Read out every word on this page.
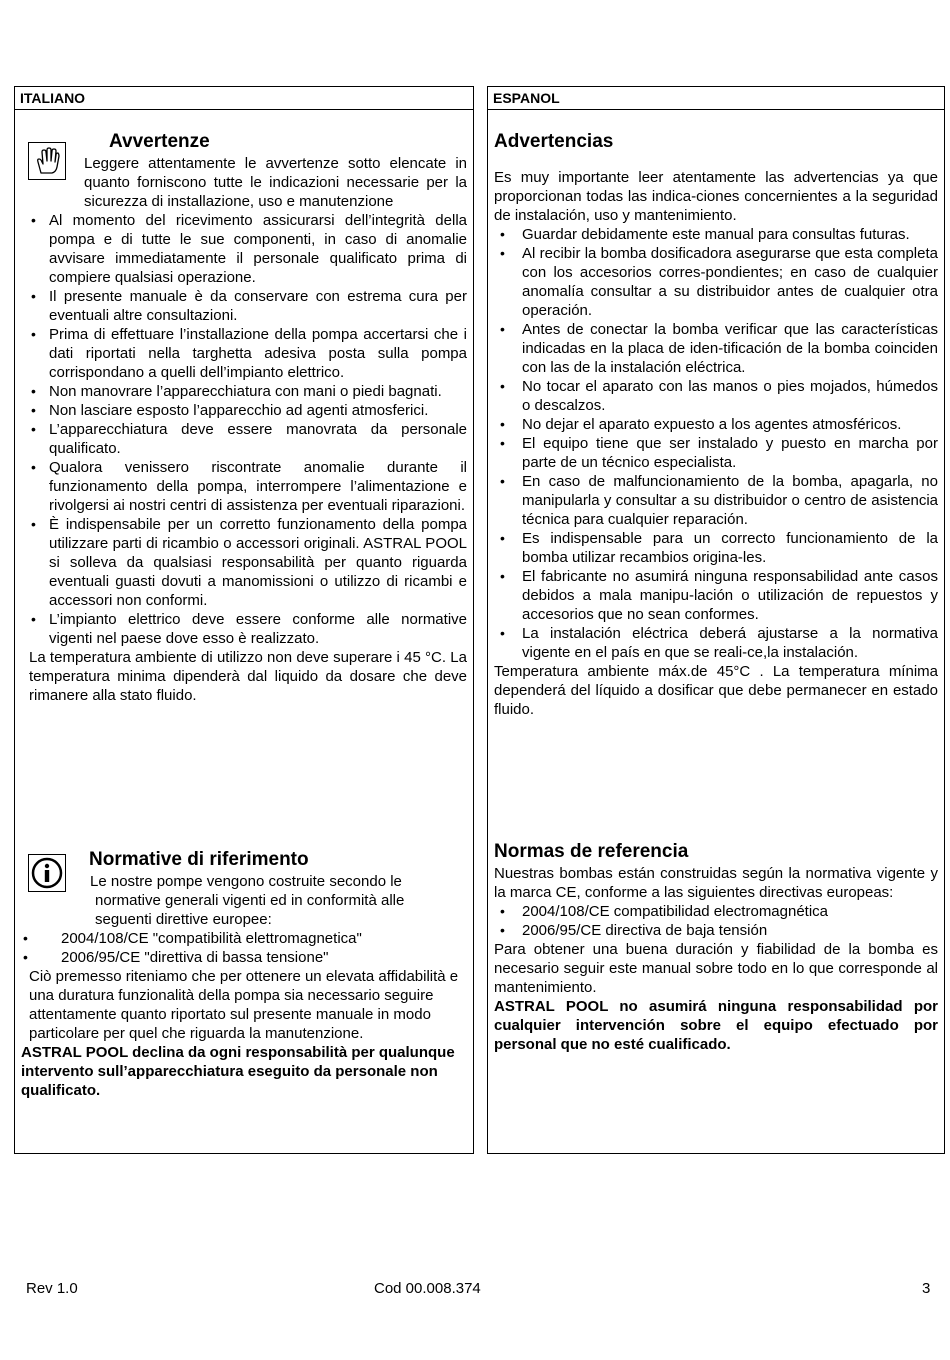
ITALIANO
Avvertenze

Leggere attentamente le avvertenze sotto elencate in quanto forniscono tutte le indicazioni necessarie per la sicurezza di installazione, uso e manutenzione

• Al momento del ricevimento assicurarsi dell’integrità della pompa e di tutte le sue componenti, in caso di anomalie avvisare immediatamente il personale qualificato prima di compiere qualsiasi operazione.
• Il presente manuale è da conservare con estrema cura per eventuali altre consultazioni.
• Prima di effettuare l’installazione della pompa accertarsi che i dati riportati nella targhetta adesiva posta sulla pompa corrispondano a quelli dell’impianto elettrico.
• Non manovrare l’apparecchiatura con mani o piedi bagnati.
• Non lasciare esposto l’apparecchio ad agenti atmosferici.
• L’apparecchiatura deve essere manovrata da personale qualificato.
• Qualora venissero riscontrate anomalie durante il funzionamento della pompa, interrompere l’alimentazione e rivolgersi ai nostri centri di assistenza per eventuali riparazioni.
• È indispensabile per un corretto funzionamento della pompa utilizzare parti di ricambio o accessori originali. ASTRAL POOL si solleva da qualsiasi responsabilità per quanto riguarda eventuali guasti dovuti a manomissioni o utilizzo di ricambi e accessori non conformi.
• L’impianto elettrico deve essere conforme alle normative vigenti nel paese dove esso è realizzato.

La temperatura ambiente di utilizzo non deve superare i 45 °C. La temperatura minima dipenderà dal liquido da dosare che deve rimanere alla stato fluido.

Normative di riferimento

Le nostre pompe vengono costruite secondo le

normative generali vigenti ed in conformità alle

seguenti direttive europee:

• 2004/108/CE "compatibilità elettromagnetica"
• 2006/95/CE "direttiva di bassa tensione"

Ciò premesso riteniamo che per ottenere un elevata affidabilità e una duratura funzionalità della pompa sia necessario seguire attentamente quanto riportato sul presente manuale in modo particolare per quel che riguarda la manutenzione.

ASTRAL POOL declina da ogni responsabilità per qualunque intervento sull’apparecchiatura eseguito da personale non qualificato.

ESPANOL
Advertencias

Es muy importante leer atentamente las advertencias ya que proporcionan todas las indica-ciones concernientes a la seguridad de instalación, uso y mantenimiento.

• Guardar debidamente este manual para consultas futuras.
• Al recibir la bomba dosificadora asegurarse que esta completa con los accesorios corres-pondientes; en caso de cualquier anomalía consultar a su distribuidor antes de cualquier otra operación.
• Antes de conectar la bomba verificar que las características indicadas en la placa de iden-tificación de la bomba coinciden con las de la instalación eléctrica.
• No tocar el aparato con las manos o pies mojados, húmedos o descalzos.
• No dejar el aparato expuesto a los agentes atmosféricos.
• El equipo tiene que ser instalado y puesto en marcha por parte de un técnico especialista.
• En caso de malfuncionamiento de la bomba, apagarla, no manipularla y consultar a su distribuidor o centro de asistencia técnica para cualquier reparación.
• Es indispensable para un correcto funcionamiento de la bomba utilizar recambios origina-les.
• El fabricante no asumirá ninguna responsabilidad ante casos debidos a mala manipu-lación o utilización de repuestos y accesorios que no sean conformes.
• La instalación eléctrica deberá ajustarse a la normativa vigente en el país en que se reali-ce,la instalación.

Temperatura ambiente máx.de 45°C . La temperatura mínima dependerá del líquido a dosificar que debe permanecer en estado fluido.

Normas de referencia

Nuestras bombas están construidas según la normativa vigente y la marca CE, conforme a las siguientes directivas europeas:

• 2004/108/CE compatibilidad electromagnética
• 2006/95/CE directiva de baja tensión

Para obtener una buena duración y fiabilidad de la bomba es necesario seguir este manual sobre todo en lo que corresponde al mantenimiento.

ASTRAL POOL no asumirá ninguna responsabilidad por cualquier intervención sobre el equipo efectuado por personal que no esté cualificado.

Rev 1.0	Cod 00.008.374	3
